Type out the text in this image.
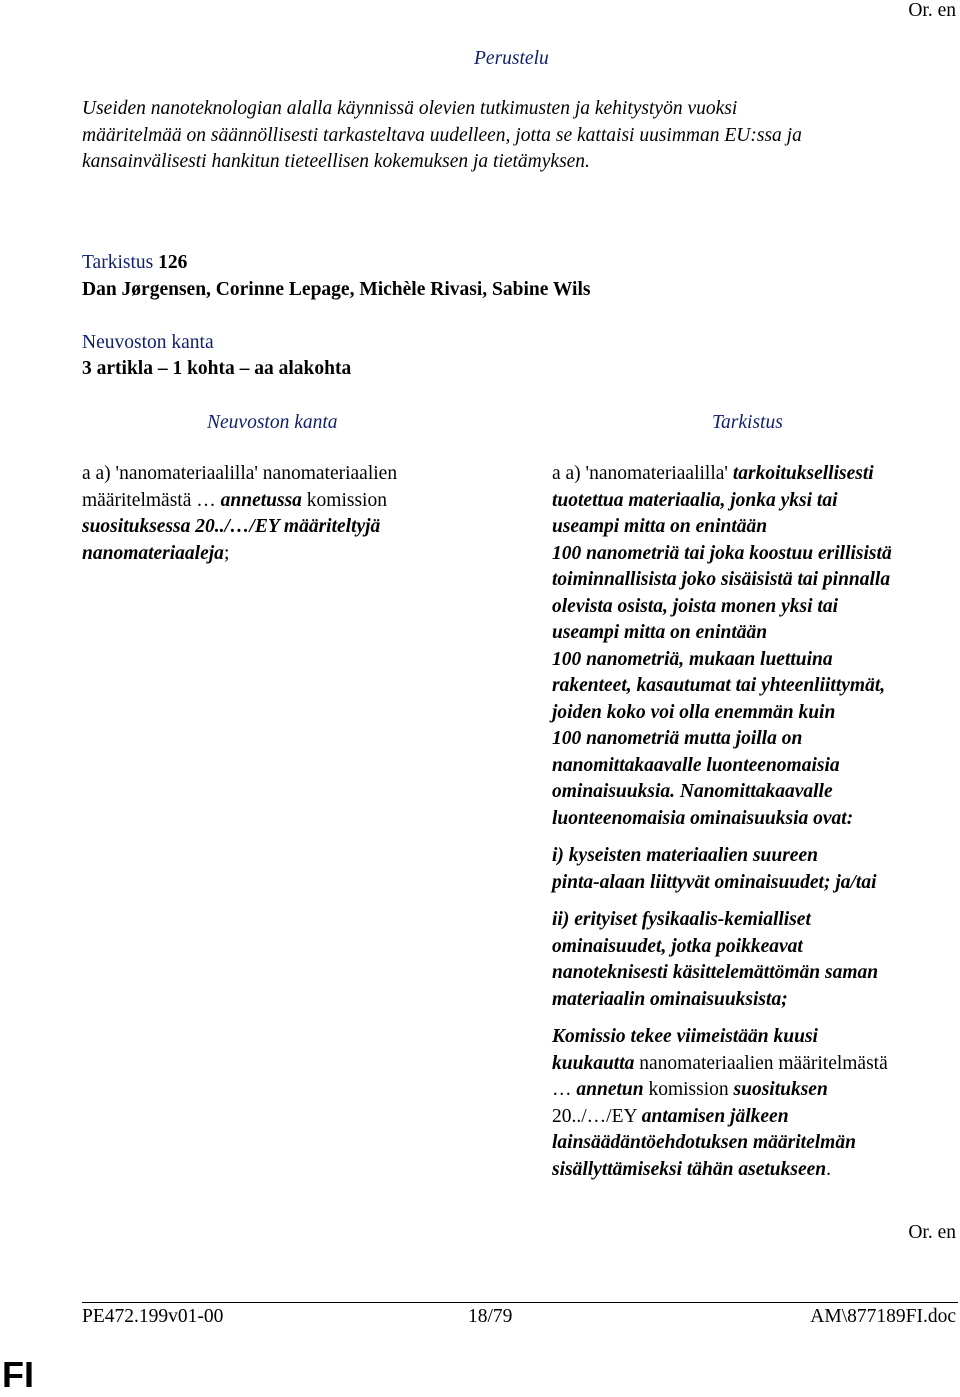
Or. en
Perustelu
Useiden nanoteknologian alalla käynnissä olevien tutkimusten ja kehitystyön vuoksi
määritelmää on säännöllisesti tarkasteltava uudelleen, jotta se kattaisi uusimman EU:ssa ja
kansainvälisesti hankitun tieteellisen kokemuksen ja tietämyksen.
Tarkistus 126
Dan Jørgensen, Corinne Lepage, Michèle Rivasi, Sabine Wils
Neuvoston kanta
3 artikla – 1 kohta – aa alakohta
Neuvoston kanta	Tarkistus
a a) 'nanomateriaalilla' nanomateriaalien
määritelmästä … annetussa komission
suosituksessa 20../…/EY määriteltyjä
nanomateriaaleja;
a a) 'nanomateriaalilla' tarkoituksellisesti
tuotettua materiaalia, jonka yksi tai
useampi mitta on enintään
100 nanometriä tai joka koostuu erillisistä
toiminnallisista joko sisäisistä tai pinnalla
olevista osista, joista monen yksi tai
useampi mitta on enintään
100 nanometriä, mukaan luettuina
rakenteet, kasautumat tai yhteenliittymät,
joiden koko voi olla enemmän kuin
100 nanometriä mutta joilla on
nanomittakaavalle luonteenomaisia
ominaisuuksia. Nanomittakaavalle
luonteenomaisia ominaisuuksia ovat:
i) kyseisten materiaalien suureen
pinta-alaan liittyvät ominaisuudet; ja/tai
ii) erityiset fysikaalis-kemialliset
ominaisuudet, jotka poikkeavat
nanoteknisesti käsittelemättömän saman
materiaalin ominaisuuksista;
Komissio tekee viimeistään kuusi
kuukautta nanomateriaalien määritelmästä
… annetun komission suosituksen
20../…/EY antamisen jälkeen
lainsäädäntöehdotuksen määritelmän
sisällyttämiseksi tähän asetukseen.
Or. en
PE472.199v01-00	18/79	AM\877189FI.doc
FI
